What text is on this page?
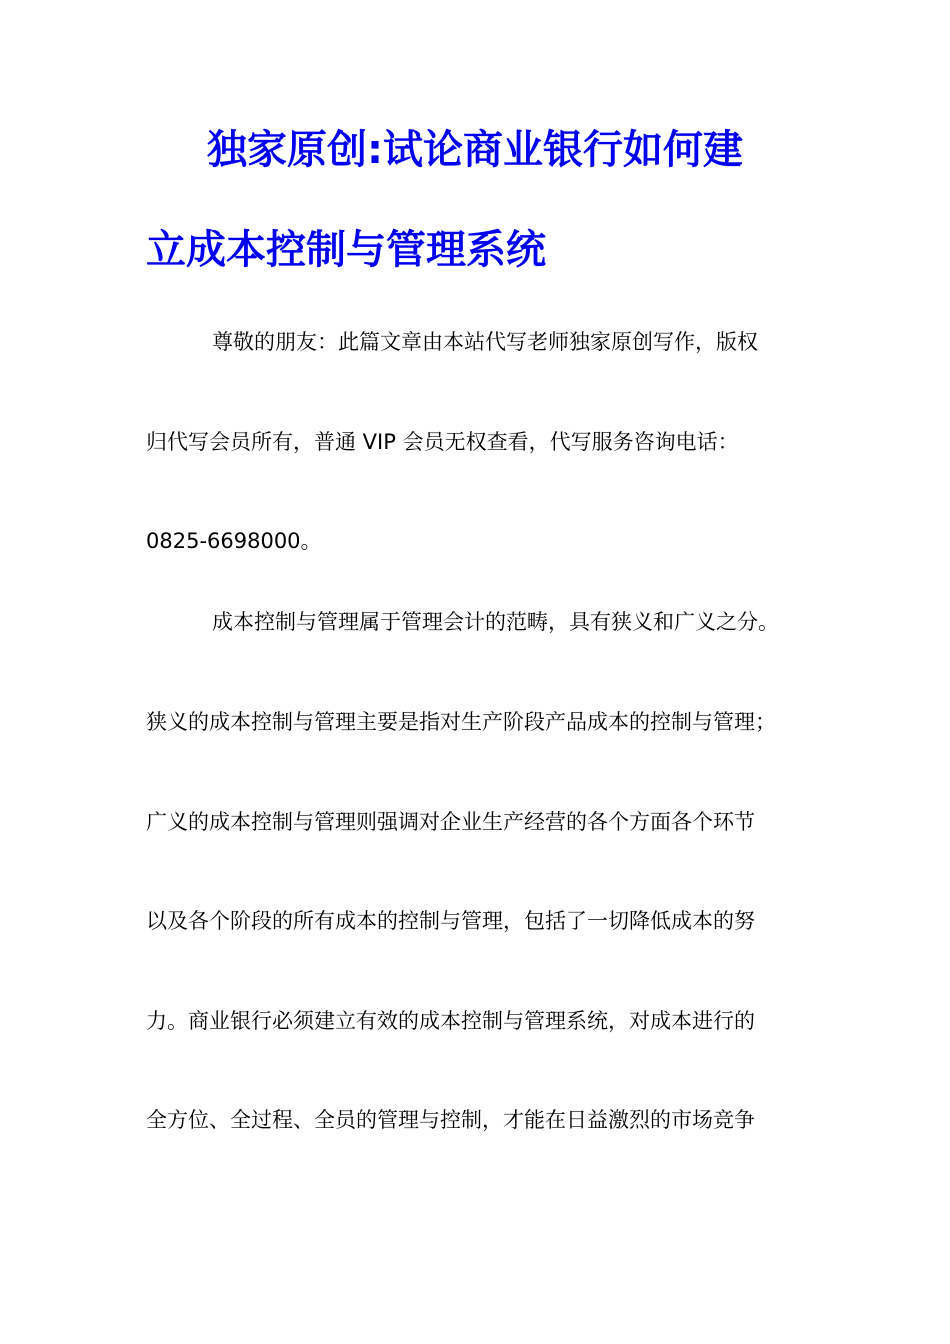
独家原创:试论商业银行如何建
立成本控制与管理系统
尊敬的朋友：此篇文章由本站代写老师独家原创写作，版权
归代写会员所有，普通 VIP 会员无权查看，代写服务咨询电话：
0825-6698000。
成本控制与管理属于管理会计的范畴，具有狭义和广义之分。
狭义的成本控制与管理主要是指对生产阶段产品成本的控制与管理；
广义的成本控制与管理则强调对企业生产经营的各个方面各个环节
以及各个阶段的所有成本的控制与管理，包括了一切降低成本的努
力。商业银行必须建立有效的成本控制与管理系统，对成本进行的
全方位、全过程、全员的管理与控制，才能在日益激烈的市场竞争
